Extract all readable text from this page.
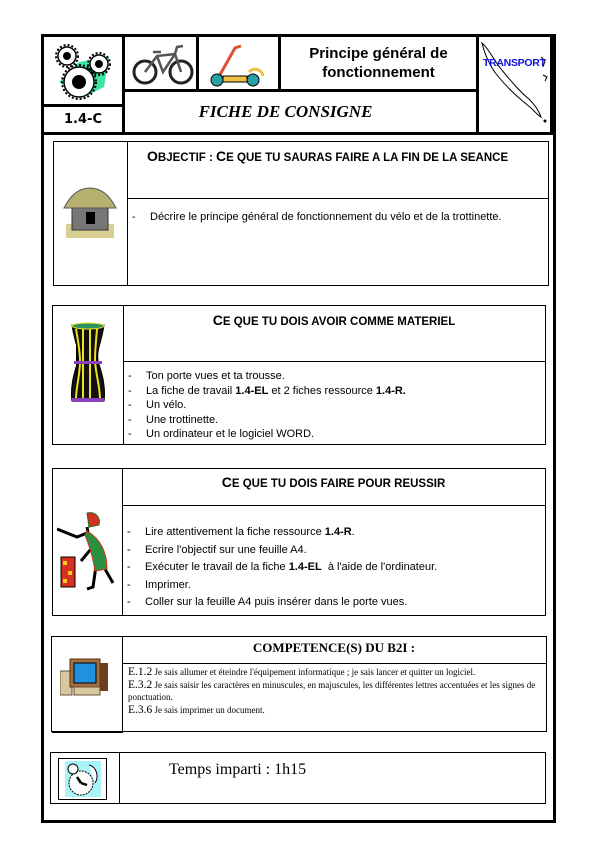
1.4-C
Principe général de
fonctionnement
FICHE DE CONSIGNE
TRANSPORT
OBJECTIF : CE QUE TU SAURAS FAIRE A LA FIN DE LA SEANCE
- Décrire le principe général de fonctionnement du vélo et de la trottinette.
CE QUE TU DOIS AVOIR COMME MATERIEL
- Ton porte vues et ta trousse.
- La fiche de travail 1.4-EL et 2 fiches ressource 1.4-R.
- Un vélo.
- Une trottinette.
- Un ordinateur et le logiciel WORD.
CE QUE TU DOIS FAIRE POUR REUSSIR
- Lire attentivement la fiche ressource 1.4-R.
- Ecrire l'objectif sur une feuille A4.
- Exécuter le travail de la fiche 1.4-EL  à l'aide de l'ordinateur.
- Imprimer.
- Coller sur la feuille A4 puis insérer dans le porte vues.
COMPETENCE(S) DU B2I :
E.1.2 Je sais allumer et éteindre l'équipement informatique ; je sais lancer et quitter un logiciel.
E.3.2 Je sais saisir les caractères en minuscules, en majuscules, les différentes lettres accentuées et les signes de ponctuation.
E.3.6 Je sais imprimer un document.
Temps imparti : 1h15
